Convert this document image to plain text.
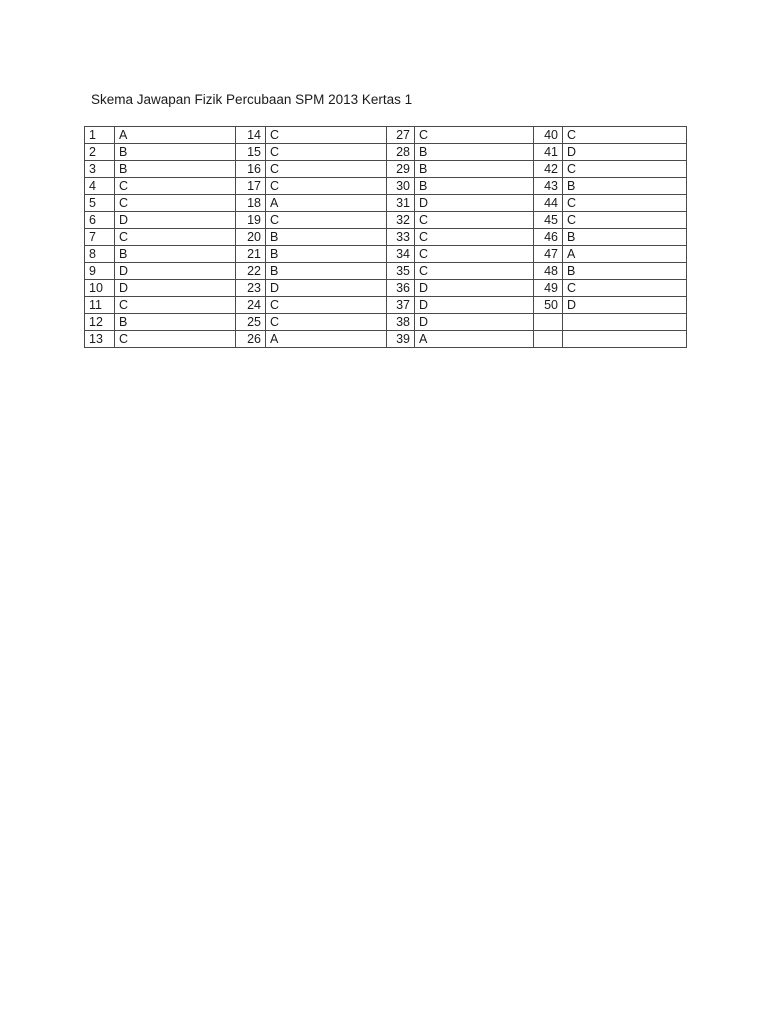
Skema Jawapan Fizik Percubaan SPM 2013 Kertas 1
1	A	14	C	27	C	40	C
2	B	15	C	28	B	41	D
3	B	16	C	29	B	42	C
4	C	17	C	30	B	43	B
5	C	18	A	31	D	44	C
6	D	19	C	32	C	45	C
7	C	20	B	33	C	46	B
8	B	21	B	34	C	47	A
9	D	22	B	35	C	48	B
10	D	23	D	36	D	49	C
11	C	24	C	37	D	50	D
12	B	25	C	38	D		
13	C	26	A	39	A		
